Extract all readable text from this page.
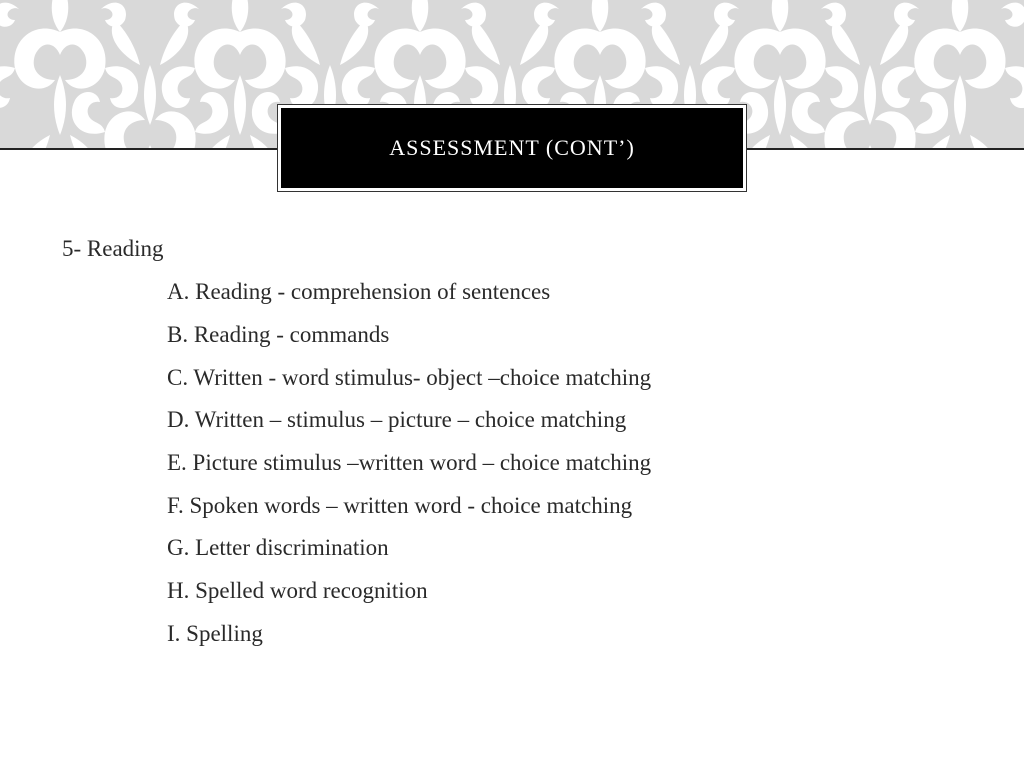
ASSESSMENT (CONT’)
5- Reading
A. Reading - comprehension of sentences
B. Reading - commands
C. Written - word stimulus- object –choice matching
D. Written – stimulus – picture – choice matching
E. Picture stimulus –written word – choice matching
F. Spoken words – written word - choice matching
G. Letter discrimination
H. Spelled word recognition
I. Spelling
